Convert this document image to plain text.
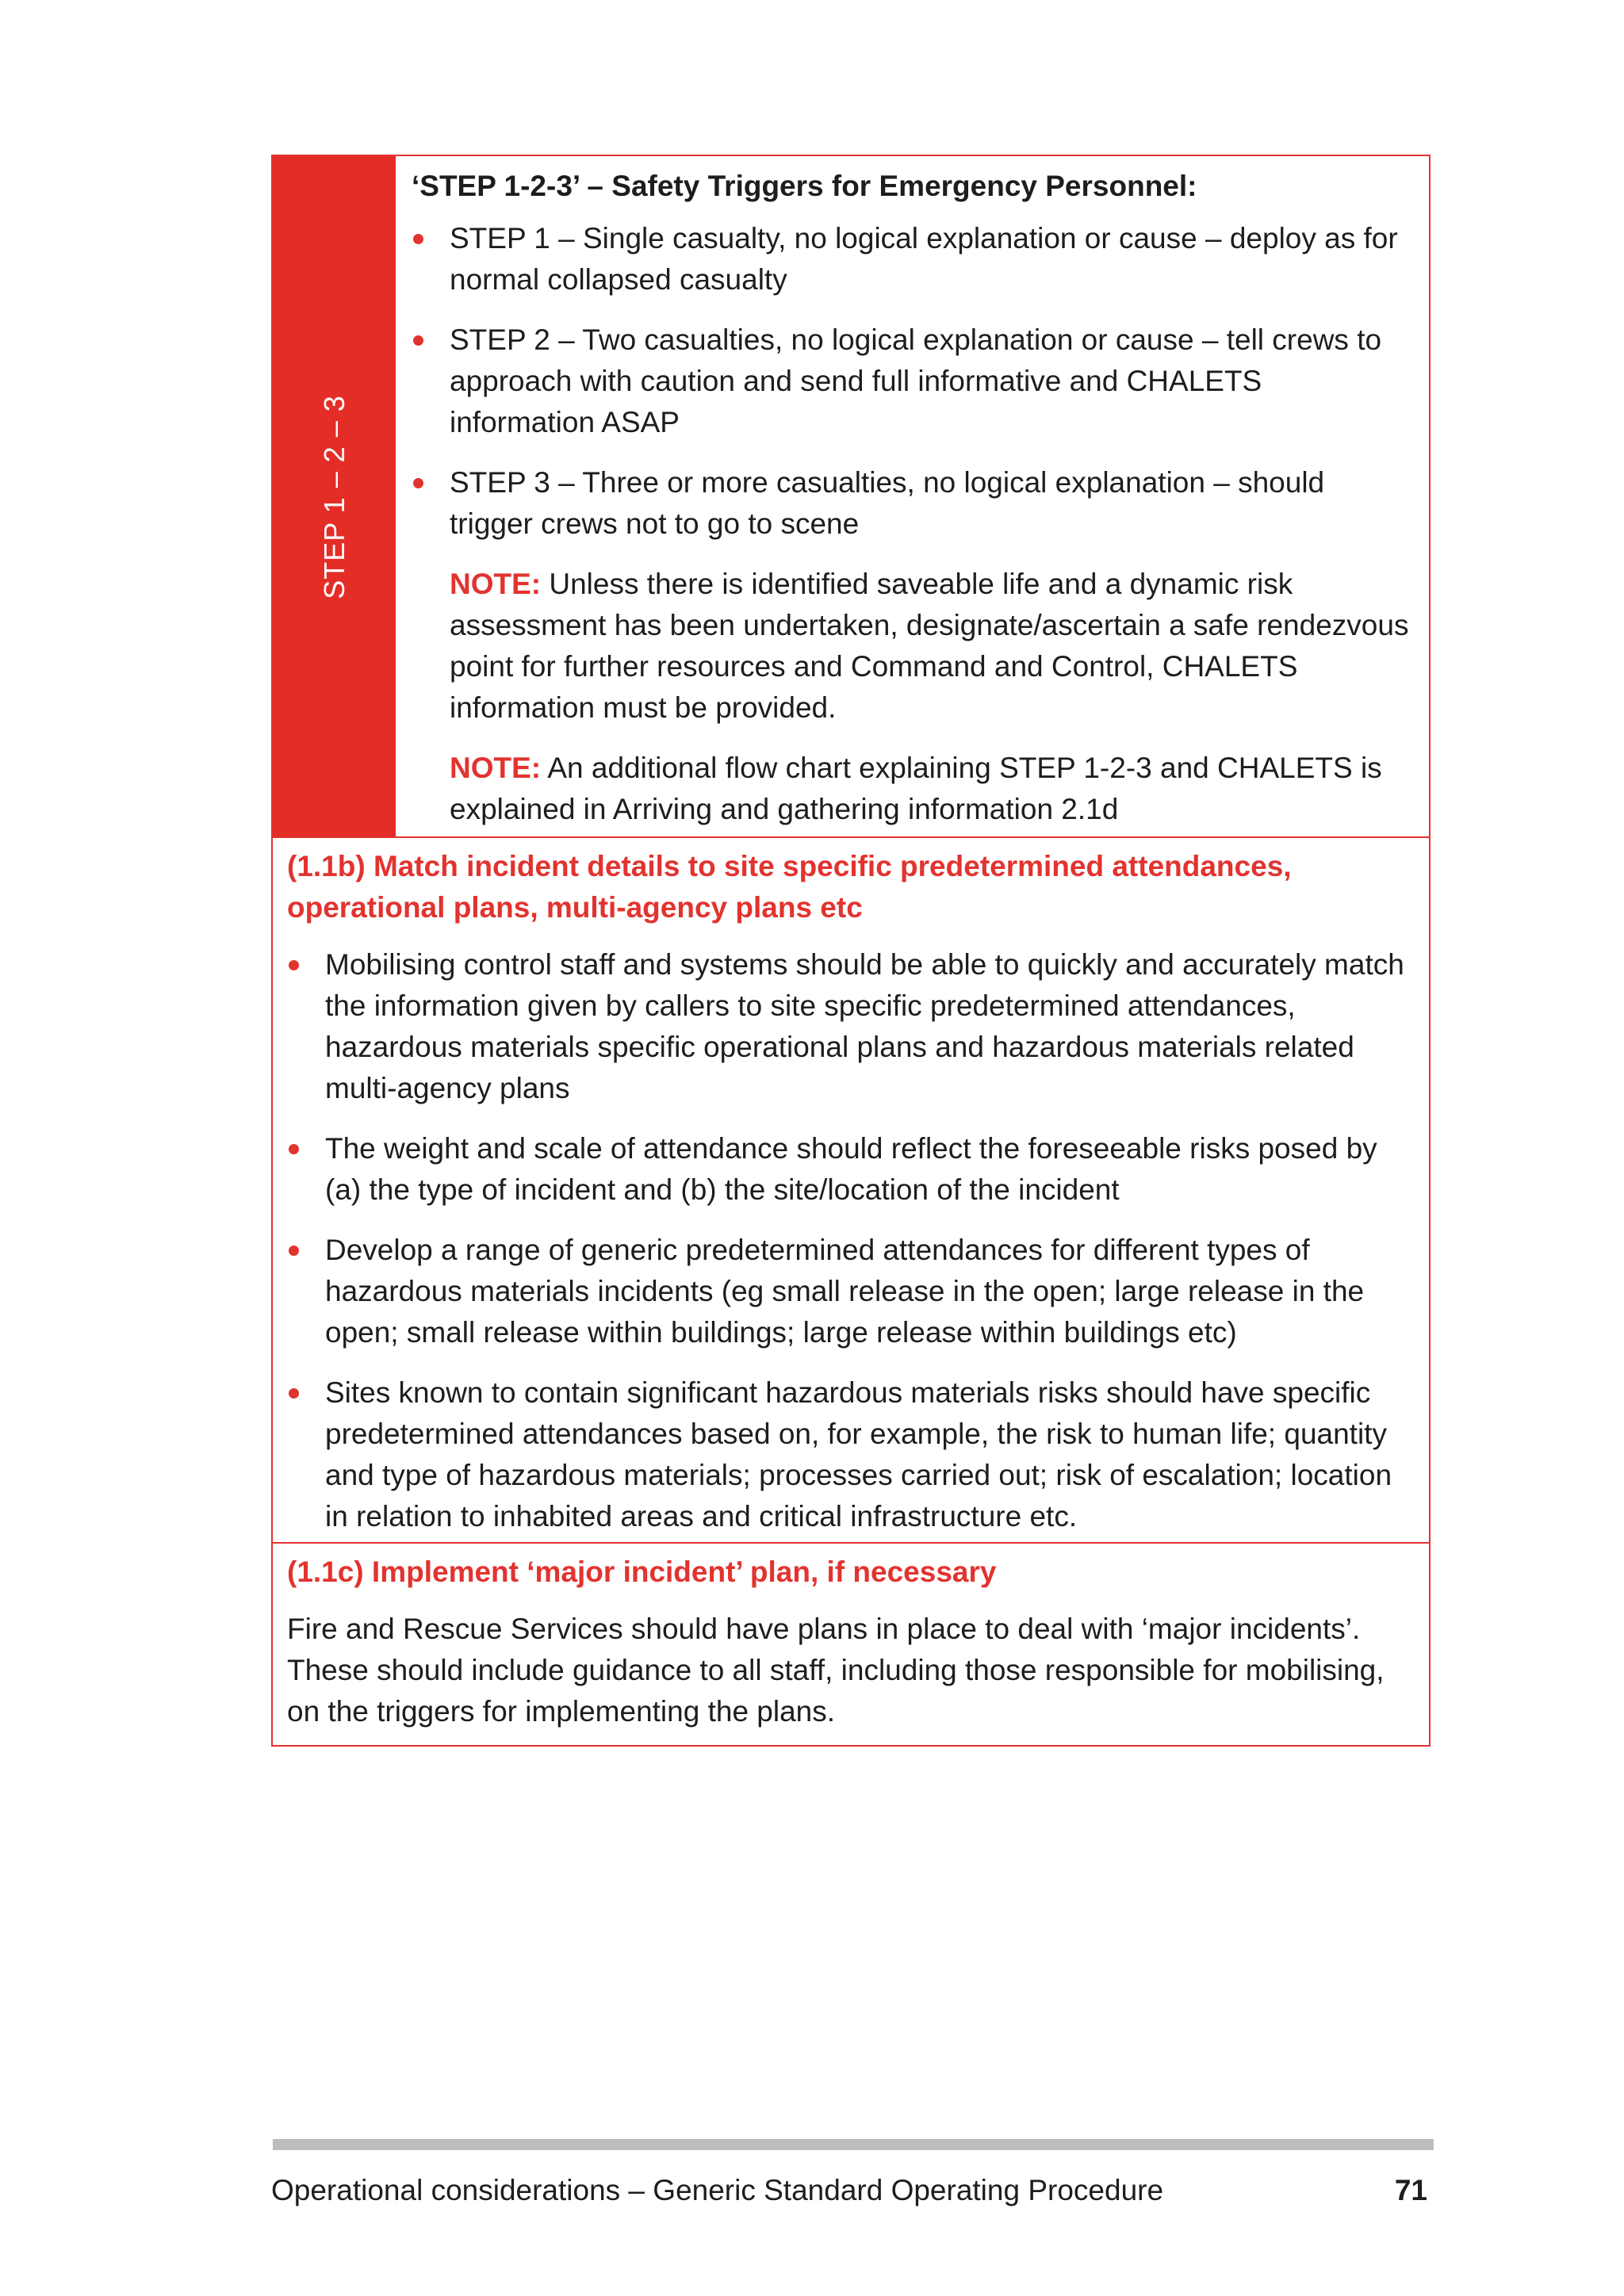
STEP 1 – 2 – 3

‘STEP 1-2-3’ – Safety Triggers for Emergency Personnel:

STEP 1 – Single casualty, no logical explanation or cause – deploy as for normal collapsed casualty
STEP 2 – Two casualties, no logical explanation or cause – tell crews to approach with caution and send full informative and CHALETS information ASAP
STEP 3 – Three or more casualties, no logical explanation – should trigger crews not to go to scene

NOTE: Unless there is identified saveable life and a dynamic risk assessment has been undertaken, designate/ascertain a safe rendezvous point for further resources and Command and Control, CHALETS information must be provided.

NOTE: An additional flow chart explaining STEP 1-2-3 and CHALETS is explained in Arriving and gathering information 2.1d

(1.1b) Match incident details to site specific predetermined attendances, operational plans, multi-agency plans etc

Mobilising control staff and systems should be able to quickly and accurately match the information given by callers to site specific predetermined attendances, hazardous materials specific operational plans and hazardous materials related multi-agency plans
The weight and scale of attendance should reflect the foreseeable risks posed by (a) the type of incident and (b) the site/location of the incident
Develop a range of generic predetermined attendances for different types of hazardous materials incidents (eg small release in the open; large release in the open; small release within buildings; large release within buildings etc)
Sites known to contain significant hazardous materials risks should have specific predetermined attendances based on, for example, the risk to human life; quantity and type of hazardous materials; processes carried out; risk of escalation; location in relation to inhabited areas and critical infrastructure etc.

(1.1c) Implement ‘major incident’ plan, if necessary

Fire and Rescue Services should have plans in place to deal with ‘major incidents’. These should include guidance to all staff, including those responsible for mobilising, on the triggers for implementing the plans.

Operational considerations – Generic Standard Operating Procedure	71
